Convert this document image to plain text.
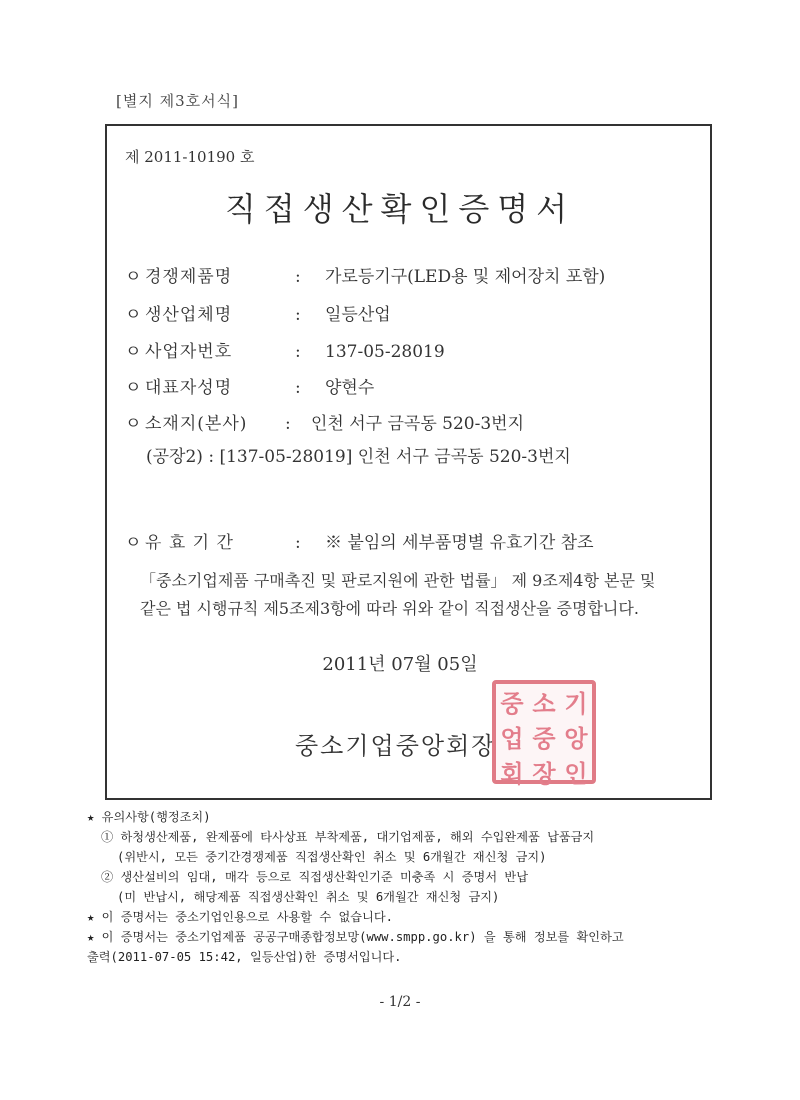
[별지 제3호서식]
제 2011-10190 호
직접생산확인증명서
ㅇ 경쟁제품명	: 가로등기구(LED용 및 제어장치 포함)
ㅇ 생산업체명	: 일등산업
ㅇ 사업자번호	: 137-05-28019
ㅇ 대표자성명	: 양현수
ㅇ 소재지(본사) : 인천 서구 금곡동 520-3번지
(공장2) : [137-05-28019] 인천 서구 금곡동 520-3번지
ㅇ 유 효 기 간	: ※ 붙임의 세부품명별 유효기간 참조
「중소기업제품 구매촉진 및 판로지원에 관한 법률」 제 9조제4항 본문 및
같은 법 시행규칙 제5조제3항에 따라 위와 같이 직접생산을 증명합니다.
2011년 07월 05일
중소기업중앙회장
중 소 기
업 중 앙
회 장 인
★ 유의사항(행정조치)
① 하청생산제품, 완제품에 타사상표 부착제품, 대기업제품, 해외 수입완제품 납품금지
(위반시, 모든 중기간경쟁제품 직접생산확인 취소 및 6개월간 재신청 금지)
② 생산설비의 임대, 매각 등으로 직접생산확인기준 미충족 시 증명서 반납
(미 반납시, 해당제품 직접생산확인 취소 및 6개월간 재신청 금지)
★ 이 증명서는 중소기업인용으로 사용할 수 없습니다.
★ 이 증명서는 중소기업제품 공공구매종합정보망(www.smpp.go.kr) 을 통해 정보를 확인하고
출력(2011-07-05 15:42, 일등산업)한 증명서입니다.
- 1/2 -
